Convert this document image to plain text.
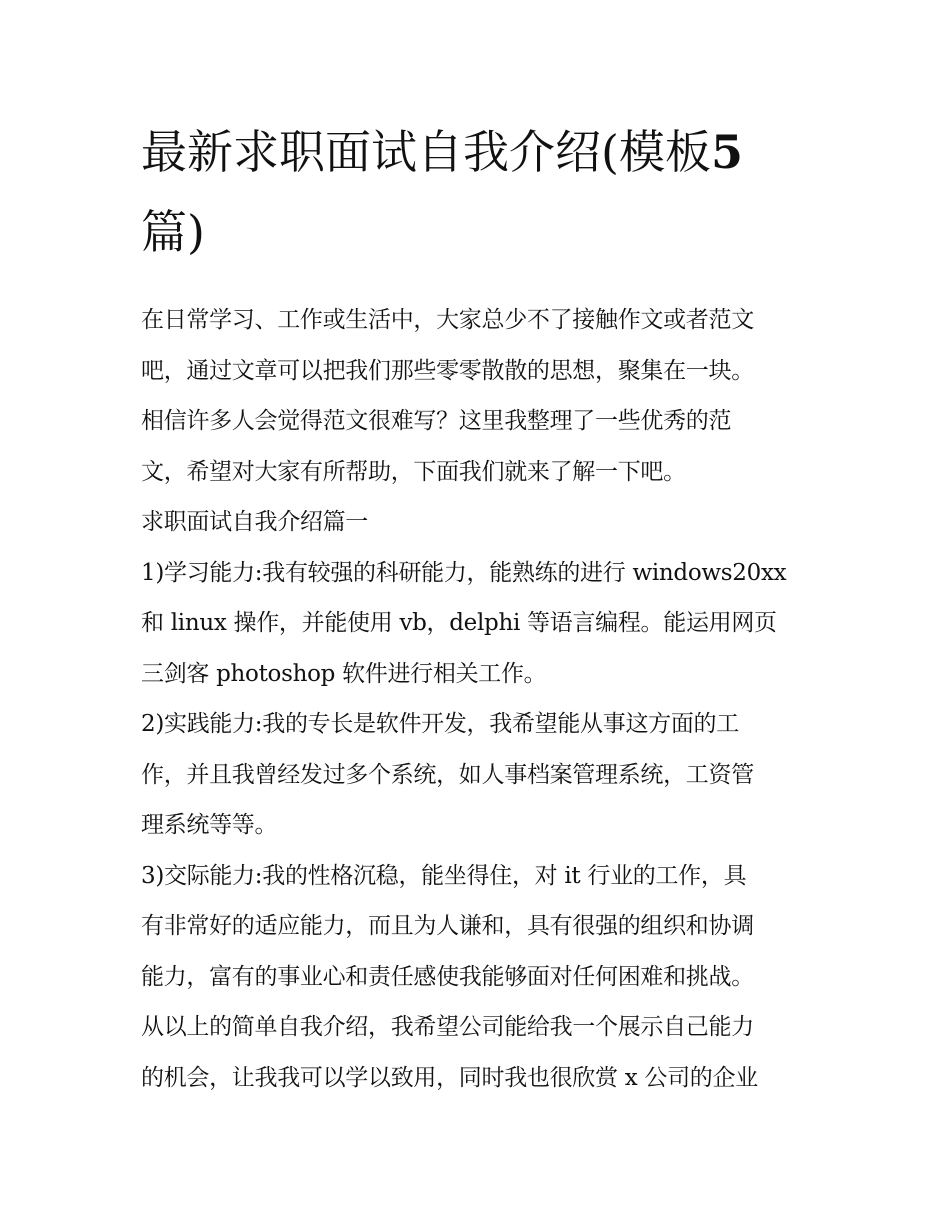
最新求职面试自我介绍(模板5
篇)

在日常学习、工作或生活中，大家总少不了接触作文或者范文
吧，通过文章可以把我们那些零零散散的思想，聚集在一块。
相信许多人会觉得范文很难写？这里我整理了一些优秀的范
文，希望对大家有所帮助，下面我们就来了解一下吧。

求职面试自我介绍篇一

1)学习能力:我有较强的科研能力，能熟练的进行 windows20xx
和 linux 操作，并能使用 vb，delphi 等语言编程。能运用网页
三剑客 photoshop 软件进行相关工作。

2)实践能力:我的专长是软件开发，我希望能从事这方面的工
作，并且我曾经发过多个系统，如人事档案管理系统，工资管
理系统等等。

3)交际能力:我的性格沉稳，能坐得住，对 it 行业的工作，具
有非常好的适应能力，而且为人谦和，具有很强的组织和协调
能力，富有的事业心和责任感使我能够面对任何困难和挑战。
从以上的简单自我介绍，我希望公司能给我一个展示自己能力
的机会，让我我可以学以致用，同时我也很欣赏 x 公司的企业
